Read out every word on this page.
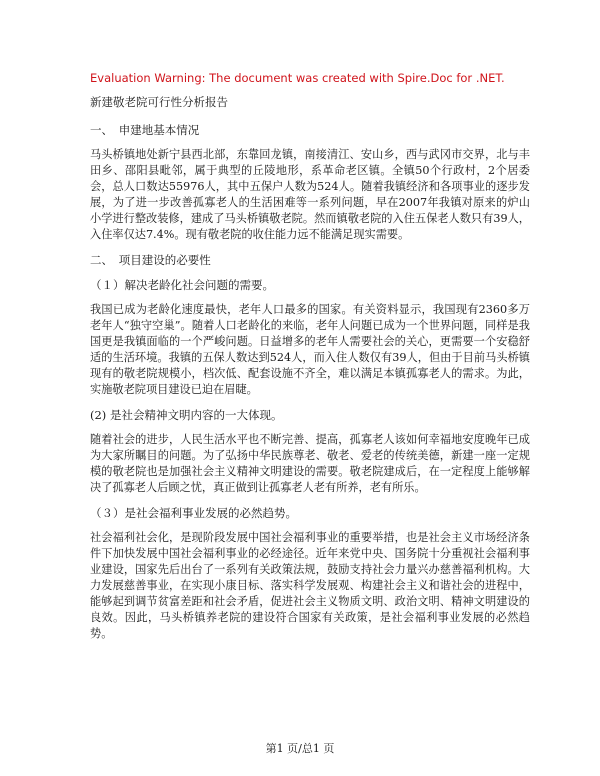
Evaluation Warning: The document was created with Spire.Doc for .NET.
新建敬老院可行性分析报告
一、　申建地基本情况
马头桥镇地处新宁县西北部，东靠回龙镇，南接清江、安山乡，西与武冈市交界，北与丰田乡、邵阳县毗邻，属于典型的丘陵地形，系革命老区镇。全镇50个行政村，2个居委会，总人口数达55976人，其中五保户人数为524人。随着我镇经济和各项事业的逐步发展，为了进一步改善孤寡老人的生活困难等一系列问题，早在2007年我镇对原来的炉山小学进行整改装修，建成了马头桥镇敬老院。然而镇敬老院的入住五保老人数只有39人，入住率仅达7.4%。现有敬老院的收住能力远不能满足现实需要。
二、　项目建设的必要性
（１）解决老龄化社会问题的需要。
我国已成为老龄化速度最快，老年人口最多的国家。有关资料显示，我国现有2360多万老年人“独守空巢”。随着人口老龄化的来临，老年人问题已成为一个世界问题，同样是我国更是我镇面临的一个严峻问题。日益增多的老年人需要社会的关心，更需要一个安稳舒适的生活环境。我镇的五保人数达到524人，而入住人数仅有39人，但由于目前马头桥镇现有的敬老院规模小，档次低、配套设施不齐全，难以满足本镇孤寡老人的需求。为此，实施敬老院项目建设已迫在眉睫。
(2) 是社会精神文明内容的一大体现。
随着社会的进步，人民生活水平也不断完善、提高，孤寡老人该如何幸福地安度晚年已成为大家所瞩目的问题。为了弘扬中华民族尊老、敬老、爱老的传统美德，新建一座一定规模的敬老院也是加强社会主义精神文明建设的需要。敬老院建成后，在一定程度上能够解决了孤寡老人后顾之忧，真正做到让孤寡老人老有所养，老有所乐。
（３）是社会福利事业发展的必然趋势。
社会福利社会化，是现阶段发展中国社会福利事业的重要举措，也是社会主义市场经济条件下加快发展中国社会福利事业的必经途径。近年来党中央、国务院十分重视社会福利事业建设，国家先后出台了一系列有关政策法规，鼓励支持社会力量兴办慈善福利机构。大力发展慈善事业，在实现小康目标、落实科学发展观、构建社会主义和谐社会的进程中，能够起到调节贫富差距和社会矛盾，促进社会主义物质文明、政治文明、精神文明建设的良效。因此，马头桥镇养老院的建设符合国家有关政策，是社会福利事业发展的必然趋势。
第1 页/总1 页
